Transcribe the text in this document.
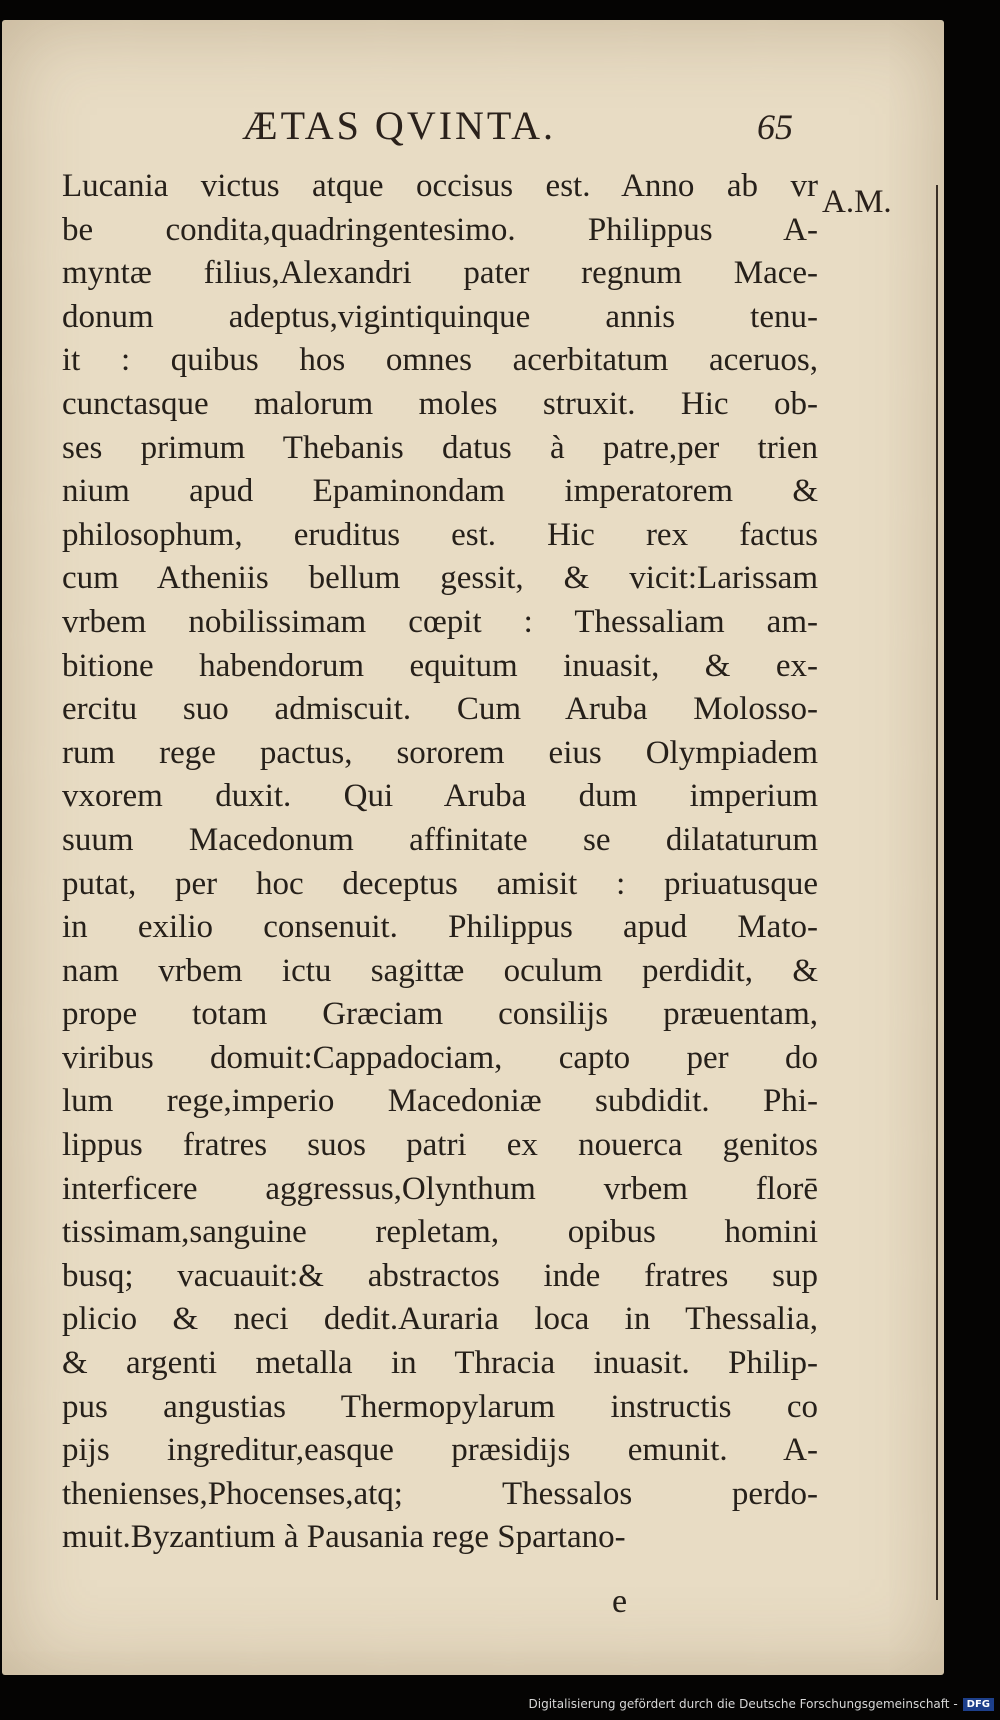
ÆTAS QVINTA.	65
A.M.
Lucania victus atque occisus est. Anno ab vr
be condita,quadringentesimo. Philippus A-
myntæ filius,Alexandri pater regnum Mace-
donum adeptus,vigintiquinque annis tenu-
it : quibus hos omnes acerbitatum aceruos,
cunctasque malorum moles struxit. Hic ob-
ses primum Thebanis datus à patre,per trien
nium apud Epaminondam imperatorem &
philosophum, eruditus est. Hic rex factus
cum Atheniis bellum gessit, & vicit:Larissam
vrbem nobilissimam cœpit : Thessaliam am-
bitione habendorum equitum inuasit, & ex-
ercitu suo admiscuit. Cum Aruba Molosso-
rum rege pactus, sororem eius Olympiadem
vxorem duxit. Qui Aruba dum imperium
suum Macedonum affinitate se dilataturum
putat, per hoc deceptus amisit : priuatusque
in exilio consenuit. Philippus apud Mato-
nam vrbem ictu sagittæ oculum perdidit, &
prope totam Græciam consilijs præuentam,
viribus domuit:Cappadociam, capto per do
lum rege,imperio Macedoniæ subdidit. Phi-
lippus fratres suos patri ex nouerca genitos
interficere aggressus,Olynthum vrbem florē
tissimam,sanguine repletam, opibus homini
busq; vacuauit:& abstractos inde fratres sup
plicio & neci dedit.Auraria loca in Thessalia,
& argenti metalla in Thracia inuasit. Philip-
pus angustias Thermopylarum instructis co
pijs ingreditur,easque præsidijs emunit. A-
thenienses,Phocenses,atq; Thessalos perdo-
muit.Byzantium à Pausania rege Spartano-
e
Digitalisierung gefördert durch die Deutsche Forschungsgemeinschaft - DFG
